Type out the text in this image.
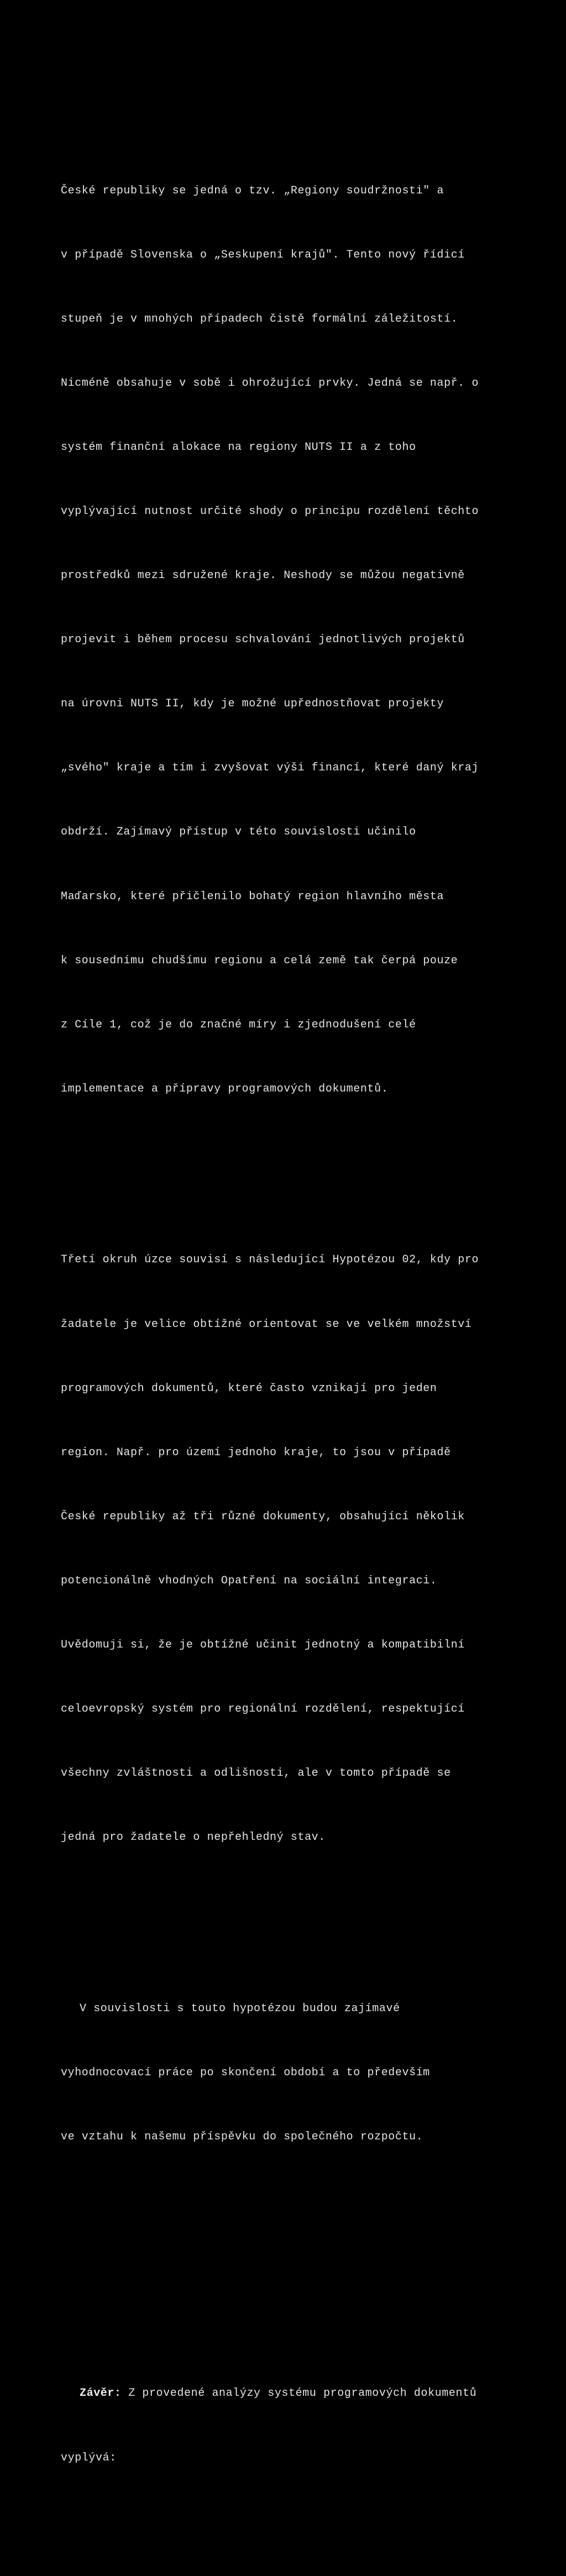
České republiky se jedná o tzv. „Regiony soudržnosti" a

v případě Slovenska o „Seskupení krajů". Tento nový řídicí

stupeň je v mnohých případech čistě formální záležitostí.

Nicméně obsahuje v sobě i ohrožující prvky. Jedná se např. o

systém finanční alokace na regiony NUTS II a z toho

vyplývající nutnost určité shody o principu rozdělení těchto

prostředků mezi sdružené kraje. Neshody se můžou negativně

projevit i během procesu schvalování jednotlivých projektů

na úrovni NUTS II, kdy je možné upřednostňovat projekty

„svého" kraje a tím i zvyšovat výši financí, které daný kraj

obdrží. Zajímavý přístup v této souvislosti učinilo

Maďarsko, které přičlenilo bohatý region hlavního města

k sousednímu chudšímu regionu a celá země tak čerpá pouze

z Cíle 1, což je do značné míry i zjednodušení celé

implementace a přípravy programových dokumentů.

Třetí okruh úzce souvisí s následující Hypotézou 02, kdy pro

žadatele je velice obtížné orientovat se ve velkém množství

programových dokumentů, které často vznikají pro jeden

region. Např. pro území jednoho kraje, to jsou v případě

České republiky až tři různé dokumenty, obsahující několik

potencionálně vhodných Opatření na sociální integraci.

Uvědomuji si, že je obtížné učinit jednotný a kompatibilní

celoevropský systém pro regionální rozdělení, respektující

všechny zvláštnosti a odlišnosti, ale v tomto případě se

jedná pro žadatele o nepřehledný stav.

V souvislosti s touto hypotézou budou zajímavé

vyhodnocovací práce po skončení období a to především

ve vztahu k našemu příspěvku do společného rozpočtu.

Závěr: Z provedené analýzy systému programových dokumentů

vyplývá:
